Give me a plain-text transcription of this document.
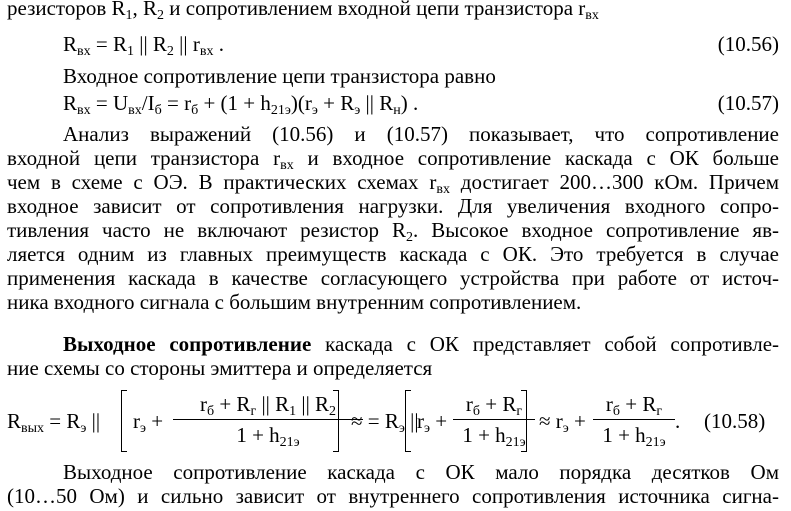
резисторов $R_1$, $R_2$ и сопротивлением входной цепи транзистора $r_{вх}$
$R_{вх} = R_1$ || $R_2$ || $r_{вх}$ .	(10.56)
Входное сопротивление цепи транзистора равно
$R_{вх} = U_{вх}/I_б = r_б + (1 + h_{21э})(r_э + R_э$ || $R_н$) .	(10.57)
Анализ выражений (10.56) и (10.57) показывает, что сопротивление
входной цепи транзистора $r_{вх}$ и входное сопротивление каскада с ОК больше
чем в схеме с ОЭ. В практических схемах $r_{вх}$ достигает 200…300 кОм. Причем
входное зависит от сопротивления нагрузки. Для увеличения входного сопро-
тивления часто не включают резистор $R_2$. Высокое входное сопротивление яв-
ляется одним из главных преимуществ каскада с ОК. Это требуется в случае
применения каскада в качестве согласующего устройства при работе от источ-
ника входного сигнала с большим внутренним сопротивлением.
Выходное сопротивление каскада с ОК представляет собой сопротивле-
ние схемы со стороны эмиттера и определяется
$R_{вых} = R_э$ || $r_э$ +
$r_б + R_г$ || $R_1$ || $R_2$
$1 + h_{21э}$
≈ = $R_э$ ||
$r_э$ +
$r_б + R_г$
$1 + h_{21э}$
≈ $r_э$ +
$r_б + R_г$
$1 + h_{21э}$
. (10.58)
Выходное сопротивление каскада с ОК мало порядка десятков Ом
(10…50 Ом) и сильно зависит от внутреннего сопротивления источника сигна-
